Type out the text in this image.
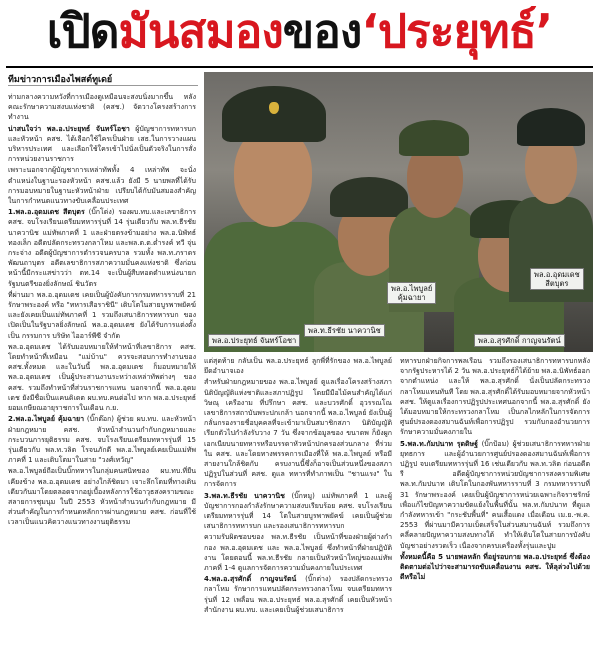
เปิด มันสมอง ของ ‘ประยุทธ์’
ทีมข่าวการเมืองไพสต์ทูเดย์

ท่ามกลางความหวังที่การเมืองดูเหมือนจะสงบนิ่งมากขึ้น หลังคณะรักษาความสงบแห่งชาติ (คสช.) จัดวางโครงสร้างการทำงาน

น่าสนใจว่า พล.อ.ประยุทธ์ จันทร์โอชา ผู้บัญชาการทหารบกและหัวหน้า คสช. ได้เลือกใช้ใครเป็นฝ่าย เสธ.ในการวางแผนบริหารประเทศ และเลือกใช้ใครเข้าไปนั่งเป็นตัวจริงในการสั่งการหน่วยงานราชการ

เพราะนอกจากผู้บัญชาการเหล่าทัพทั้ง 4 เหล่าทัพ จะนั่งตำแหน่งในฐานะรองหัวหน้า คสช.แล้ว ยังมี 5 นายพลที่ได้รับการมอบหมายในฐานะหัวหน้าฝ่าย เปรียบได้กับมันสมองสำคัญในการกำหนดแนวทางขับเคลื่อนประเทศ

1.พล.อ.อุดมเดช สีตบุตร (บิ๊กโด่ง) รองผบ.ทบ.และเลขาธิการ คสช. จบโรงเรียนเตรียมทหารรุ่นที่ 14 รุ่นเดียวกับ พล.ท.ธีรชัย นาควานิช แม่ทัพภาคที่ 1 และฝ่ายตรงข้ามอย่าง พล.อ.นิพัทธ์ ทองเล็ก อดีตปลัดกระทรวงกลาโหม และพล.ต.ต.ต่ำรงค์ ทวี จุ่นกระจ่าง อดีตผู้บัญชาการตำรวจนครบาล รวมทั้ง พล.ท.ภราดร พัฒนถาบุตร อดีตเลขาธิการสภาความมั่นคงแห่งชาติ ซึ่งก่อนหน้านี้มีกระแสข่าวว่า ตท.14 จะเป็นผู้สืบทอดตำแหน่งนายกรัฐมนตรีของยิ่งลักษณ์ ชินวัตร

ที่ผ่านมา พล.อ.อุดมเดช เคยเป็นผู้บังคับการกรมทหารราบที่ 21 รักษาพระองค์ หรือ "ทหารเสือราชินี" เติบโตในสายบูรพาพยัคฆ์ และยังเคยเป็นแม่ทัพภาคที่ 1 รวมถึงเสนาธิการทหารบก ของเปิดเป็นในรัฐบาลยิ่งลักษณ์ พล.อ.อุดมเดช ยังได้รับการแต่งตั้งเป็น กรรมการ บริษัท ไออาร์พีซี จำกัด

พล.อ.อุดมเดช ได้รับมอบหมายให้ทำหน้าที่เลขาธิการ คสช. โดยทำหน้าที่เหมือน "แม่บ้าน" ควรจะสอบการทำงานของ คสช.ทั้งหมด และในวันนี้ พล.อ.อุดมเดช ก็มอบหมายให้ พล.อ.อุดมเดช เป็นผู้ประสานงานระหว่างเหล่าทัพต่างๆ ของ คสช. รวมถึงทำหน้าที่ส่วนราชการแทน นอกจากนี้ พล.อ.อุดมเดช ยังมีชื่อเป็นแคนดิเดต ผบ.ทบ.คนต่อไป หาก พล.อ.ประยุทธ์ ยอมเกษียณอายุราชการในเดือน ก.ย.

2.พล.อ.ไพบูลย์ คุ้มฉายา (บิ๊กต๊อก) ผู้ช่วย ผบ.ทบ. และหัวหน้าฝ่ายกฎหมาย คสช. หัวหน้าสำนวนกำกับกฎหมายและกระบวนการยุติธรรม คสช. จบโรงเรียนเตรียมทหารรุ่นที่ 15 รุ่นเดียวกับ พล.ท.วลิต โรจนภักดี พล.อ.ไพบูลย์เคยเป็นแม่ทัพภาคที่ 1 และเติบโตมาในสาย "วงศ์เทวัญ"

พล.อ.ไพบูลย์ถือเป็นบิ๊กทหารในกลุ่มคนสนิทของ ผบ.ทบ.ที่ยืนเคียงข้าง พล.อ.อุดมเดช อย่างใกล้ชิดมา เจาะลึกโดมที่ทางเดินเดียวกันมาโดยตลอดจากอยู่เบื้องหลังการใช้อาวุธสงครามขณะสลายการชุมนุม ในปี 2553 หัวหน้าสำนวนกำกับกฎหมาย มีส่วนสำคัญในการกำหนดหลักการผ่านกฎหมาย คสช. ก่อนที่ใช้เวลาเป็นแนวคิดวางแนวทางงานยุติธรรม

พล.อ.ประยุทธ์ จันทร์โอชา
พล.ท.ธีรชัย นาควานิช
พล.อ.ไพบูลย์
คุ้มฉายา
พล.อ.อุดมเดช
สีตบุตร
พล.อ.สุรศักดิ์ กาญจนรัตน์

แต่สุดท้าย กลับเป็น พล.อ.ประยุทธ์ ลูกพี่ที่รักของ พล.อ.ไพบูลย์ ยึดอำนาจเอง

สำหรับฝ่ายกฎหมายของ พล.อ.ไพบูลย์ ดูแลเรื่องโครงสร้างสภานิติบัญญัติแห่งชาติและสภาปฏิรูป โดยมีมือไม้คนสำคัญได้แก่ วิษณุ เครืองาม ที่ปรึกษา คสช. และบวรศักดิ์ อุวรรณโณ เลขาธิการสถาบันพระปกเกล้า นอกจากนี้ พล.อ.ไพบูลย์ ยังเป็นผู้กลั่นกรองรายชื่อบุคคลที่จะเข้ามาเป็นสมาชิกสภา นิติบัญญัติ เรียกตัวไปกำลังรับวาง 7 วัน ซึ่งจากข้อมูลของ ขนาดพ ก็ยังผูกเอกเนียบนายทหารหรือบรรดาหัวหน้าปกครองส่วนกลาง ที่ร่วมใน คสช. และโดยทางพรรคการเมืองที่ให้ พล.อ.ไพบูลย์ หรือมีสายงานใกล้ชิดกับ ครบงานนี้ซึ่งก็อาจเป็นส่วนหนึ่งของสภาปฏิรูปในส่วนที่ คสช. ดูแล ทหารที่ทำภาพเป็น "ชานแรง" ในการจัดการ

3.พล.ท.ธีรชัย นาควานิช (บิ๊กหมู) แม่ทัพภาคที่ 1 และผู้บัญชาการกองกำลังรักษาความสงบเรียบร้อย คสช. จบโรงเรียนเตรียมทหารรุ่นที่ 14 โตในสายบูรพาพยัคฆ์ เคยเป็นผู้ช่วยเสนาธิการทหารบก และรองเสนาธิการทหารบก

ความรับผิดชอบของ พล.ท.ธีรชัย เป็นหน้าที่ของฝ่ายผู้ต่างกำกอง พล.อ.อุดมเดช และ พล.อ.ไพบูลย์ ซึ่งทำหน้าที่ฝ่ายปฏิบัติงาน โดยตอนนี้ พล.ท.ธีรชัย กลายเป็นหัวหน้าใหญ่ของแม่ทัพภาคที่ 1-4 ดูแลการจัดการความมั่นคงภายในประเทศ

4.พล.อ.สุรศักดิ์ กาญจนรัตน์ (บิ๊กต่าง) รองปลัดกระทรวงกลาโหม รักษาการแทนปลัดกระทรวงกลาโหม จบเตรียมทหารรุ่นที่ 12 เพลื่อน พล.อ.ประยุทธ์ พล.อ.สุรศักดิ์ เคยเป็นหัวหน้าสำนักงาน ผบ.ทบ. และเคยเป็นผู้ช่วยเสนาธิการ

ทหารบกฝ่ายกิจการพลเรือน รวมถึงรองเสนาธิการทหารบกหลังจากรัฐประหารได้ 2 วัน พล.อ.ประยุทธ์ก็ได้ย้าย พล.อ.นิพัทธ์ออกจากตำแหน่ง และให้ พล.อ.สุรศักดิ์ นั่งเป็นปลัดกระทรวงกลาโหมแทนทันที โดย พล.อ.สุรศักดิ์ได้รับมอบหมายจากหัวหน้า คสช. ให้ดูแลเรื่องการปฏิรูปประเทศนอกจากนี้ พล.อ.สุรศักดิ์ ยังได้มอบหมายให้กระทรวงกลาโหม เป็นกลไกหลักในการจัดการศูนย์ปรองดองสมานฉันท์เพื่อการปฏิรูป รวมกับกองอำนวยการรักษาความมั่นคงภายใน

5.พล.ท.กัมปนาท รุดดิษฐ์ (บิ๊กป้อม) ผู้ช่วยเสนาธิการทหารฝ่ายยุทธการ และผู้อำนวยการศูนย์ปรองดองสมานฉันท์เพื่อการปฏิรูป จบเตรียมทหารรุ่นที่ 16 เช่นเดียวกับ พล.ท.วลิต ก่อนอดีตรี อดีตผู้บัญชาการหน่วยบัญชาการสงครามพิเศษ พล.ท.กัมปนาท เติบโตในกองพันทหารราบที่ 3 กรมทหารราบที่ 31 รักษาพระองค์ เคยเป็นผู้บัญชาการหน่วยเฉพาะกิจราชรักษ์ เพื่อแก้ไขปัญหาความขัดแย้งในพื้นที่นั้น พล.ท.กัมปนาท ที่ดูแลกำลังทหารเข้า "กระชับพื้นที่" คนเสื้อแดง เมื่อเดือน เม.ย.-พ.ค. 2553 ที่ผ่านมามีความเบ็ดเสร็จในส่วนสมานฉันท์ รวมถึงการคลี่คลายปัญหาความสงบทางใต้ ทำให้เติบโตในสายการบังคับบัญชาอย่างรวดเร็ว เนื่องจากครบเครื่องทั้งรุ่นและปูม

ทั้งหมดนี้คือ 5 นายพลหลัก ที่อยู่รอบกาย พล.อ.ประยุทธ์ ซึ่งต้องติดตามต่อไปว่าจะสามารถขับเคลื่อนงาน คสช. ให้ลุล่วงไปด้วยดีหรือไม่
